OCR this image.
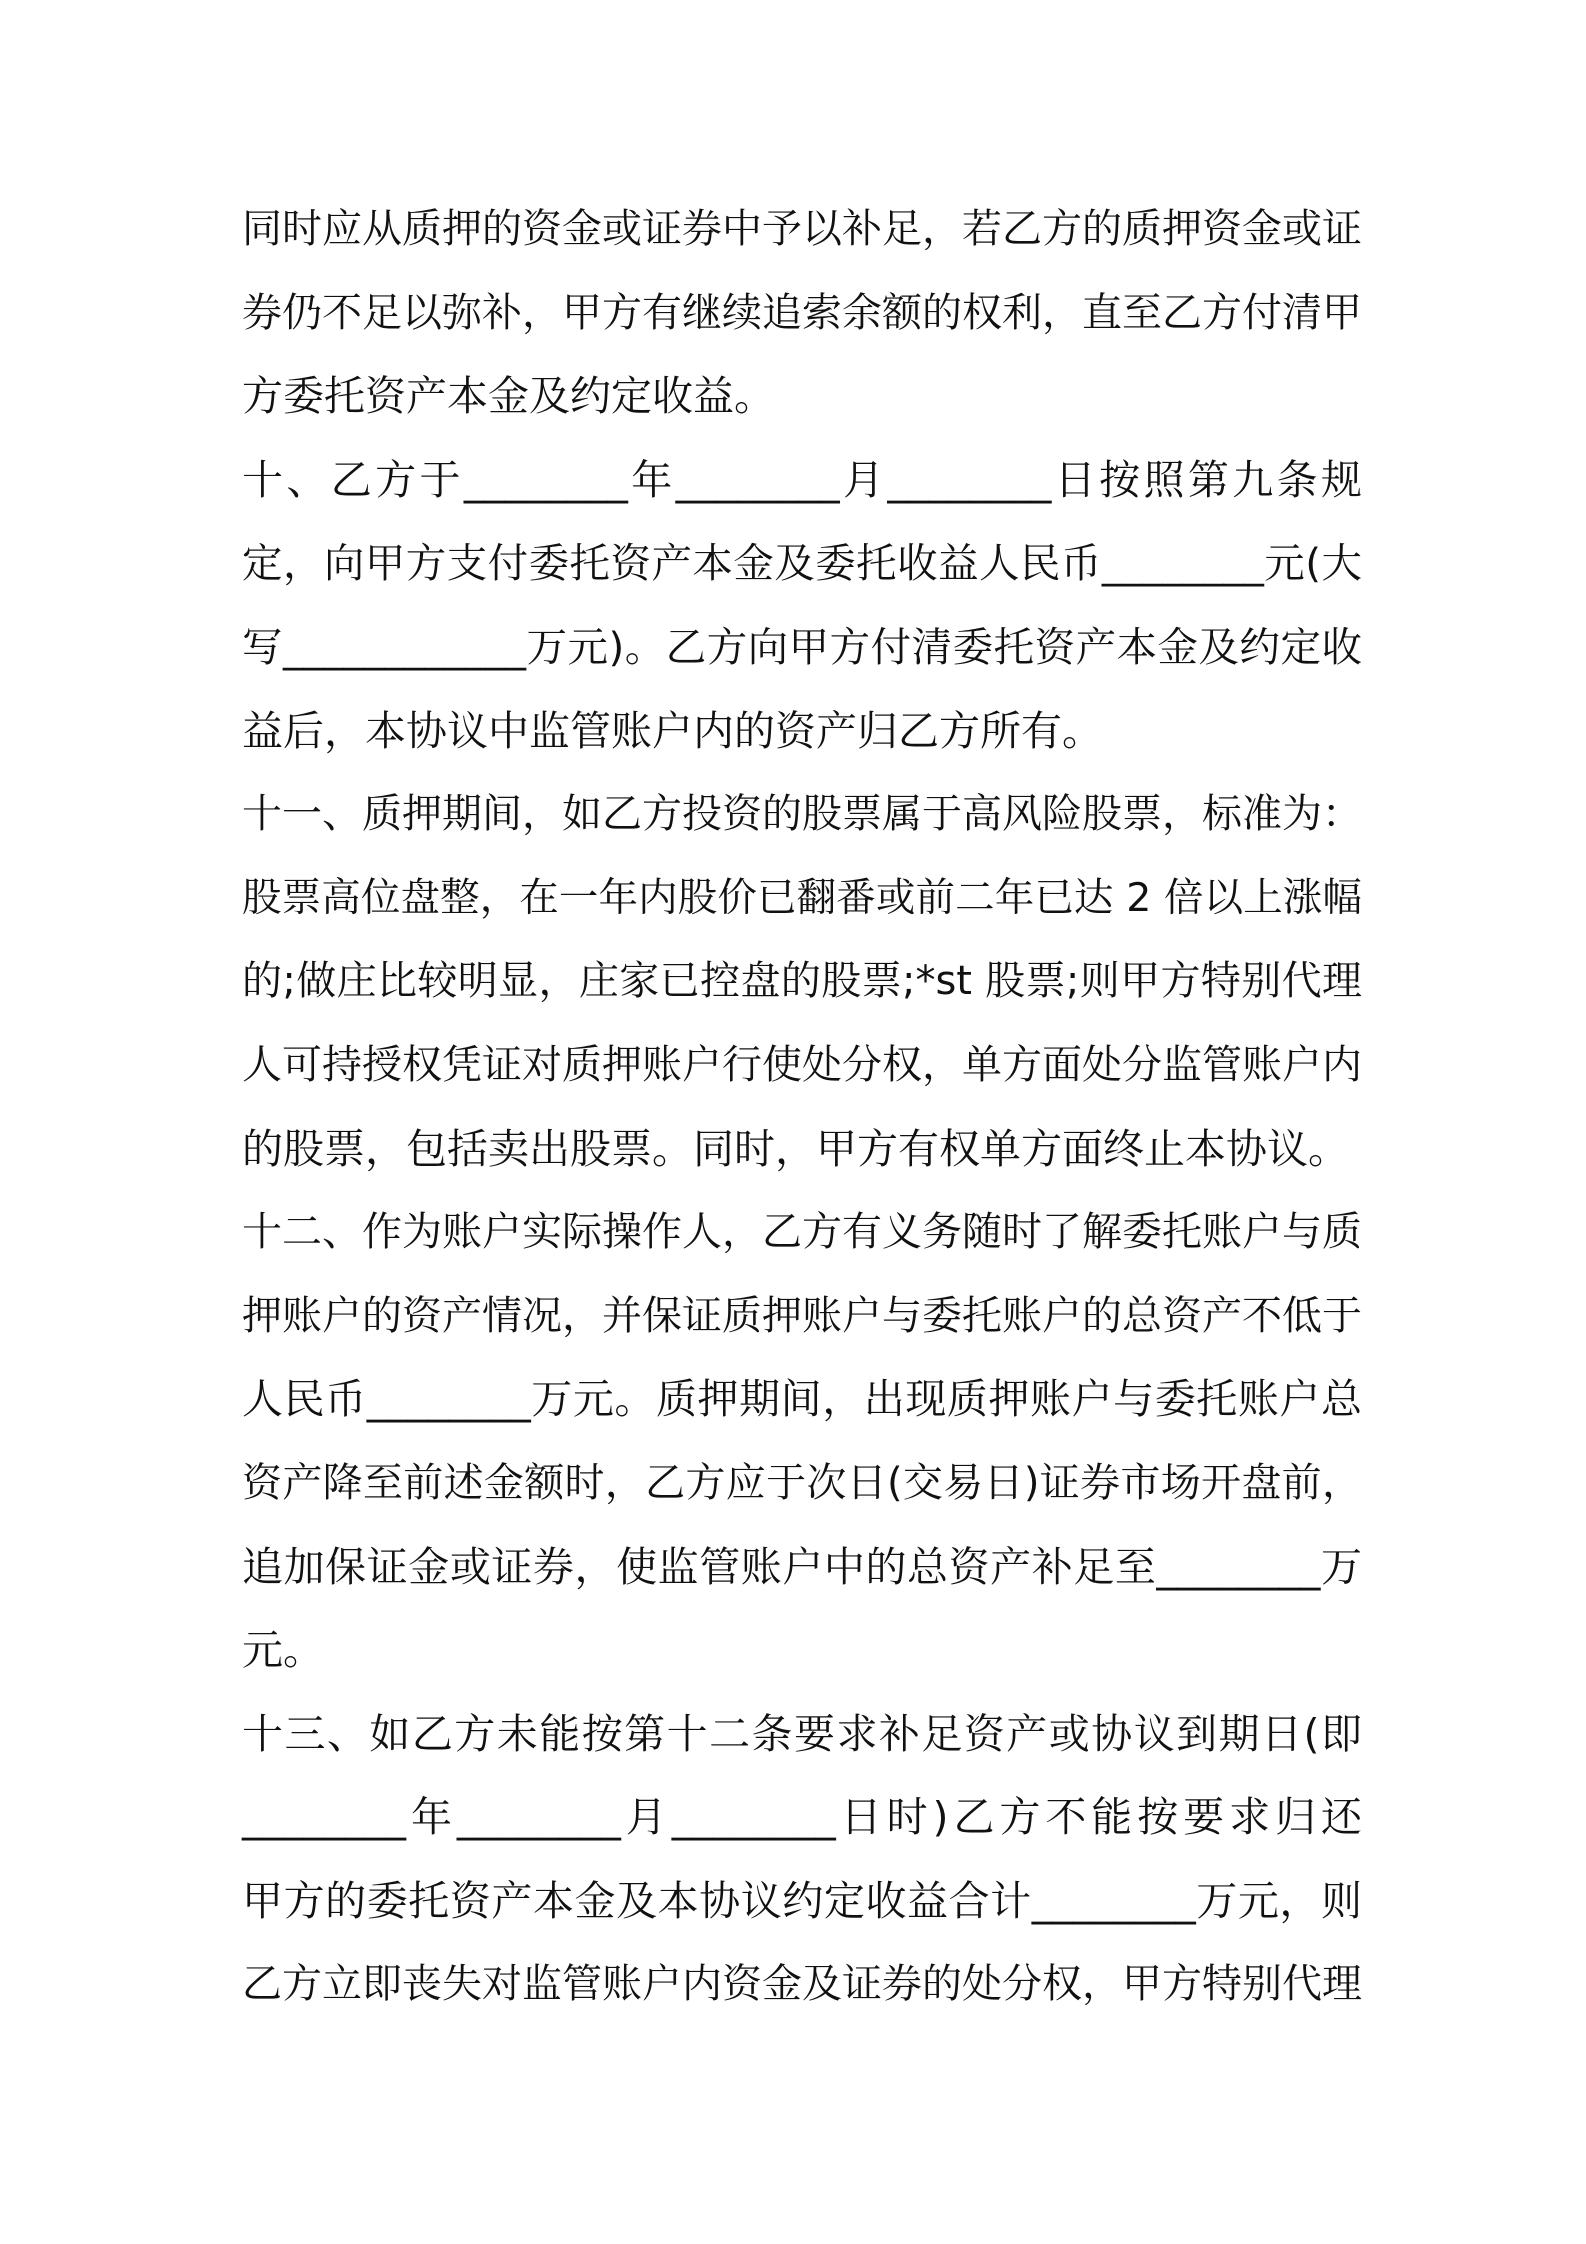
同时应从质押的资金或证券中予以补足，若乙方的质押资金或证
券仍不足以弥补，甲方有继续追索余额的权利，直至乙方付清甲
方委托资产本金及约定收益。
十、乙方于________年________月________日按照第九条规
定，向甲方支付委托资产本金及委托收益人民币________元(大
写____________万元)。乙方向甲方付清委托资产本金及约定收
益后，本协议中监管账户内的资产归乙方所有。
十一、质押期间，如乙方投资的股票属于高风险股票，标准为：
股票高位盘整，在一年内股价已翻番或前二年已达 2 倍以上涨幅
的;做庄比较明显，庄家已控盘的股票;*st 股票;则甲方特别代理
人可持授权凭证对质押账户行使处分权，单方面处分监管账户内
的股票，包括卖出股票。同时，甲方有权单方面终止本协议。
十二、作为账户实际操作人，乙方有义务随时了解委托账户与质
押账户的资产情况，并保证质押账户与委托账户的总资产不低于
人民币________万元。质押期间，出现质押账户与委托账户总
资产降至前述金额时，乙方应于次日(交易日)证券市场开盘前，
追加保证金或证券，使监管账户中的总资产补足至________万
元。
十三、如乙方未能按第十二条要求补足资产或协议到期日(即
________年________月________日时)乙方不能按要求归还
甲方的委托资产本金及本协议约定收益合计________万元，则
乙方立即丧失对监管账户内资金及证券的处分权，甲方特别代理
